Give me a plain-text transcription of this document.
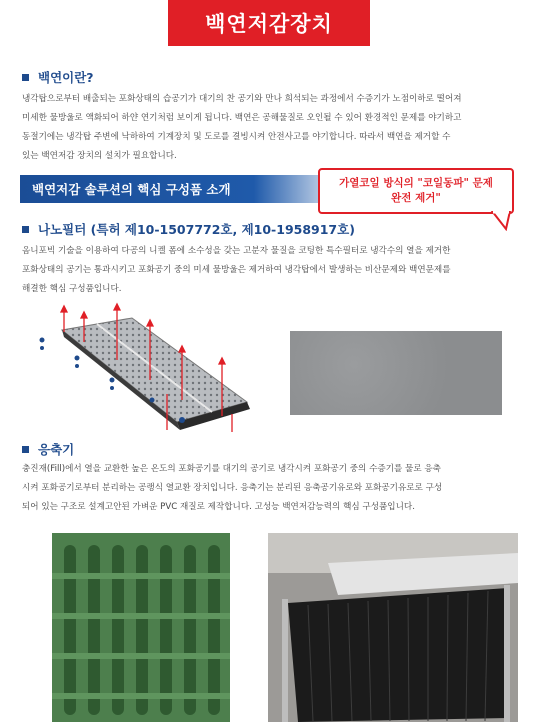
백연저감장치
백연이란?
냉각탑으로부터 배출되는 포화상태의 습공기가 대기의 찬 공기와 만나 희석되는 과정에서 수증기가 노점이하로 떨어져
미세한 물방울로 액화되어 하얀 연기처럼 보이게 됩니다. 백연은 공해물질로 오인될 수 있어 환경적인 문제를 야기하고
동절기에는 냉각탑 주변에 낙하하여 기계장치 및 도로를 결빙시켜 안전사고를 야기합니다. 따라서 백연을 제거할 수
있는 백연저감 장치의 설치가 필요합니다.
백연저감 솔루션의 핵심 구성품 소개	가열코일 방식의 "코일동파" 문제
완전 제거"
나노필터 (특허 제10-1507772호, 제10-1958917호)
옴니포빅 기술을 이용하여 다공의 니켈 폼에 소수성을 갖는 고분자 물질을 코팅한 특수필터로 냉각수의 열을 제거한
포화상태의 공기는 통과시키고 포화공기 중의 미세 물방울은 제거하여 냉각탑에서 발생하는 비산문제와 백연문제를
해결한 핵심 구성품입니다.
응축기
충진재(Fill)에서 열을 교환한 높은 온도의 포화공기를 대기의 공기로 냉각시켜 포화공기 중의 수증기를 물로 응축
시켜 포화공기로부터 분리하는 공랭식 열교환 장치입니다. 응축기는 분리된 응축공기유로와 포화공기유로로 구성
되어 있는 구조로 설계고안된 가벼운 PVC 재질로 제작합니다. 고성능 백연저감능력의 핵심 구성품입니다.
